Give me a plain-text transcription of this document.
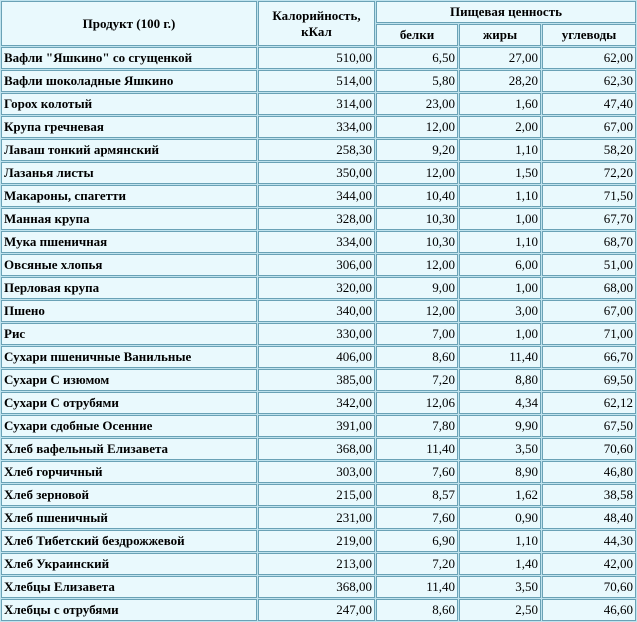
Продукт (100 г.)	Калорийность, кКал	Пищевая ценность		
		белки	жиры	углеводы
Вафли "Яшкино" со сгущенкой	510,00	6,50	27,00	62,00
Вафли шоколадные Яшкино	514,00	5,80	28,20	62,30
Горох колотый	314,00	23,00	1,60	47,40
Крупа гречневая	334,00	12,00	2,00	67,00
Лаваш тонкий армянский	258,30	9,20	1,10	58,20
Лазанья листы	350,00	12,00	1,50	72,20
Макароны, спагетти	344,00	10,40	1,10	71,50
Манная крупа	328,00	10,30	1,00	67,70
Мука пшеничная	334,00	10,30	1,10	68,70
Овсяные хлопья	306,00	12,00	6,00	51,00
Перловая крупа	320,00	9,00	1,00	68,00
Пшено	340,00	12,00	3,00	67,00
Рис	330,00	7,00	1,00	71,00
Сухари пшеничные Ванильные	406,00	8,60	11,40	66,70
Сухари С изюмом	385,00	7,20	8,80	69,50
Сухари С отрубями	342,00	12,06	4,34	62,12
Сухари сдобные Осенние	391,00	7,80	9,90	67,50
Хлеб вафельный Елизавета	368,00	11,40	3,50	70,60
Хлеб горчичный	303,00	7,60	8,90	46,80
Хлеб зерновой	215,00	8,57	1,62	38,58
Хлеб пшеничный	231,00	7,60	0,90	48,40
Хлеб Тибетский бездрожжевой	219,00	6,90	1,10	44,30
Хлеб Украинский	213,00	7,20	1,40	42,00
Хлебцы Елизавета	368,00	11,40	3,50	70,60
Хлебцы с отрубями	247,00	8,60	2,50	46,60
